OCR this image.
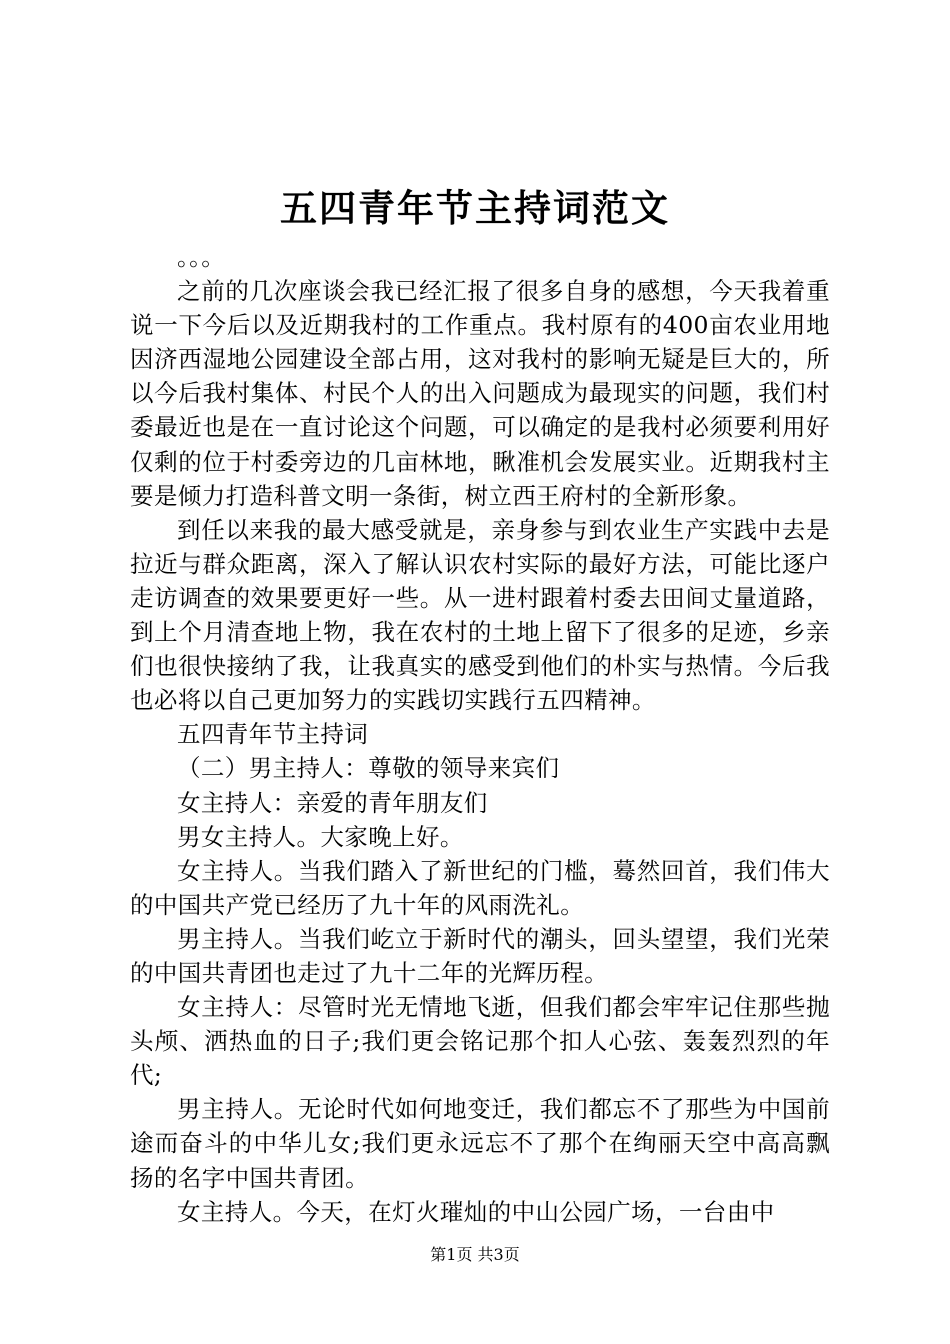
五四青年节主持词范文

。。。

之前的几次座谈会我已经汇报了很多自身的感想，今天我着重说一下今后以及近期我村的工作重点。我村原有的400亩农业用地因济西湿地公园建设全部占用，这对我村的影响无疑是巨大的，所以今后我村集体、村民个人的出入问题成为最现实的问题，我们村委最近也是在一直讨论这个问题，可以确定的是我村必须要利用好仅剩的位于村委旁边的几亩林地，瞅准机会发展实业。近期我村主要是倾力打造科普文明一条街，树立西王府村的全新形象。

到任以来我的最大感受就是，亲身参与到农业生产实践中去是拉近与群众距离，深入了解认识农村实际的最好方法，可能比逐户走访调查的效果要更好一些。从一进村跟着村委去田间丈量道路，到上个月清查地上物，我在农村的土地上留下了很多的足迹，乡亲们也很快接纳了我，让我真实的感受到他们的朴实与热情。今后我也必将以自己更加努力的实践切实践行五四精神。

五四青年节主持词

（二）男主持人：尊敬的领导来宾们

女主持人：亲爱的青年朋友们

男女主持人。大家晚上好。

女主持人。当我们踏入了新世纪的门槛，蓦然回首，我们伟大的中国共产党已经历了九十年的风雨洗礼。

男主持人。当我们屹立于新时代的潮头，回头望望，我们光荣的中国共青团也走过了九十二年的光辉历程。

女主持人：尽管时光无情地飞逝，但我们都会牢牢记住那些抛头颅、洒热血的日子;我们更会铭记那个扣人心弦、轰轰烈烈的年代;

男主持人。无论时代如何地变迁，我们都忘不了那些为中国前途而奋斗的中华儿女;我们更永远忘不了那个在绚丽天空中高高飘扬的名字中国共青团。

女主持人。今天，在灯火璀灿的中山公园广场，一台由中

第1页 共3页
